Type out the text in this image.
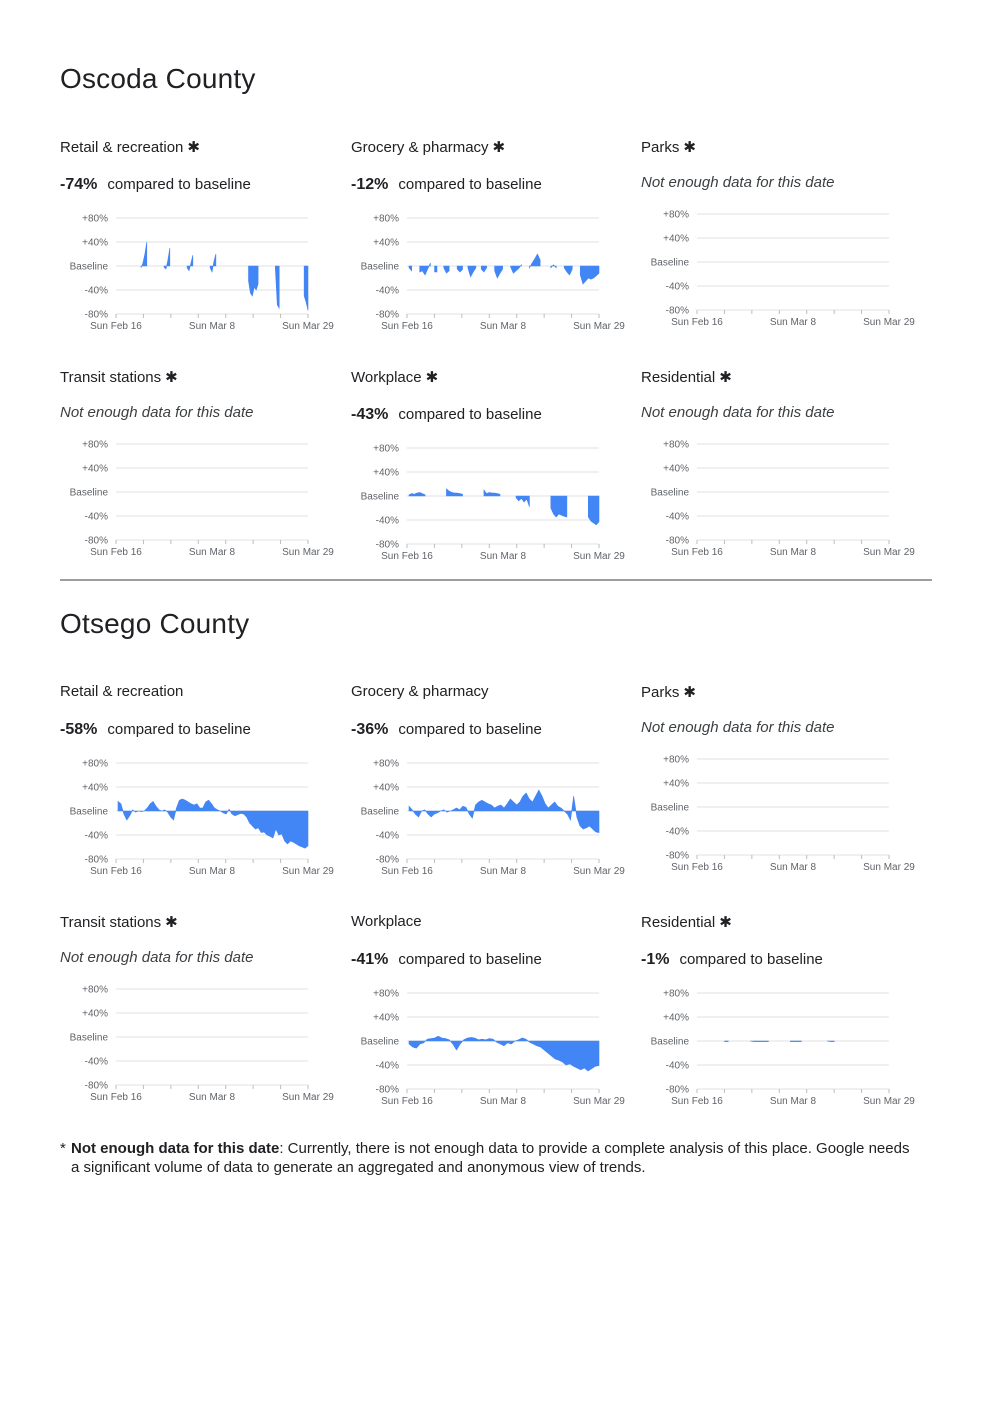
Oscoda County
Retail & recreation ✱
-74% compared to baseline
+80%
+40%
Baseline
-40%
-80%
Sun Feb 16	Sun Mar 8	Sun Mar 29
Grocery & pharmacy ✱
-12% compared to baseline
+80%
+40%
Baseline
-40%
-80%
Sun Feb 16	Sun Mar 8	Sun Mar 29
Parks ✱
Not enough data for this date
+80%
+40%
Baseline
-40%
-80%
Sun Feb 16	Sun Mar 8	Sun Mar 29
Transit stations ✱
Not enough data for this date
+80%
+40%
Baseline
-40%
-80%
Sun Feb 16	Sun Mar 8	Sun Mar 29
Workplace ✱
-43% compared to baseline
+80%
+40%
Baseline
-40%
-80%
Sun Feb 16	Sun Mar 8	Sun Mar 29
Residential ✱
Not enough data for this date
+80%
+40%
Baseline
-40%
-80%
Sun Feb 16	Sun Mar 8	Sun Mar 29
Otsego County
Retail & recreation
-58% compared to baseline
+80%
+40%
Baseline
-40%
-80%
Sun Feb 16	Sun Mar 8	Sun Mar 29
Grocery & pharmacy
-36% compared to baseline
+80%
+40%
Baseline
-40%
-80%
Sun Feb 16	Sun Mar 8	Sun Mar 29
Parks ✱
Not enough data for this date
+80%
+40%
Baseline
-40%
-80%
Sun Feb 16	Sun Mar 8	Sun Mar 29
Transit stations ✱
Not enough data for this date
+80%
+40%
Baseline
-40%
-80%
Sun Feb 16	Sun Mar 8	Sun Mar 29
Workplace
-41% compared to baseline
+80%
+40%
Baseline
-40%
-80%
Sun Feb 16	Sun Mar 8	Sun Mar 29
Residential ✱
-1% compared to baseline
+80%
+40%
Baseline
-40%
-80%
Sun Feb 16	Sun Mar 8	Sun Mar 29
* Not enough data for this date: Currently, there is not enough data to provide a complete analysis of this place. Google needs a significant volume of data to generate an aggregated and anonymous view of trends.
